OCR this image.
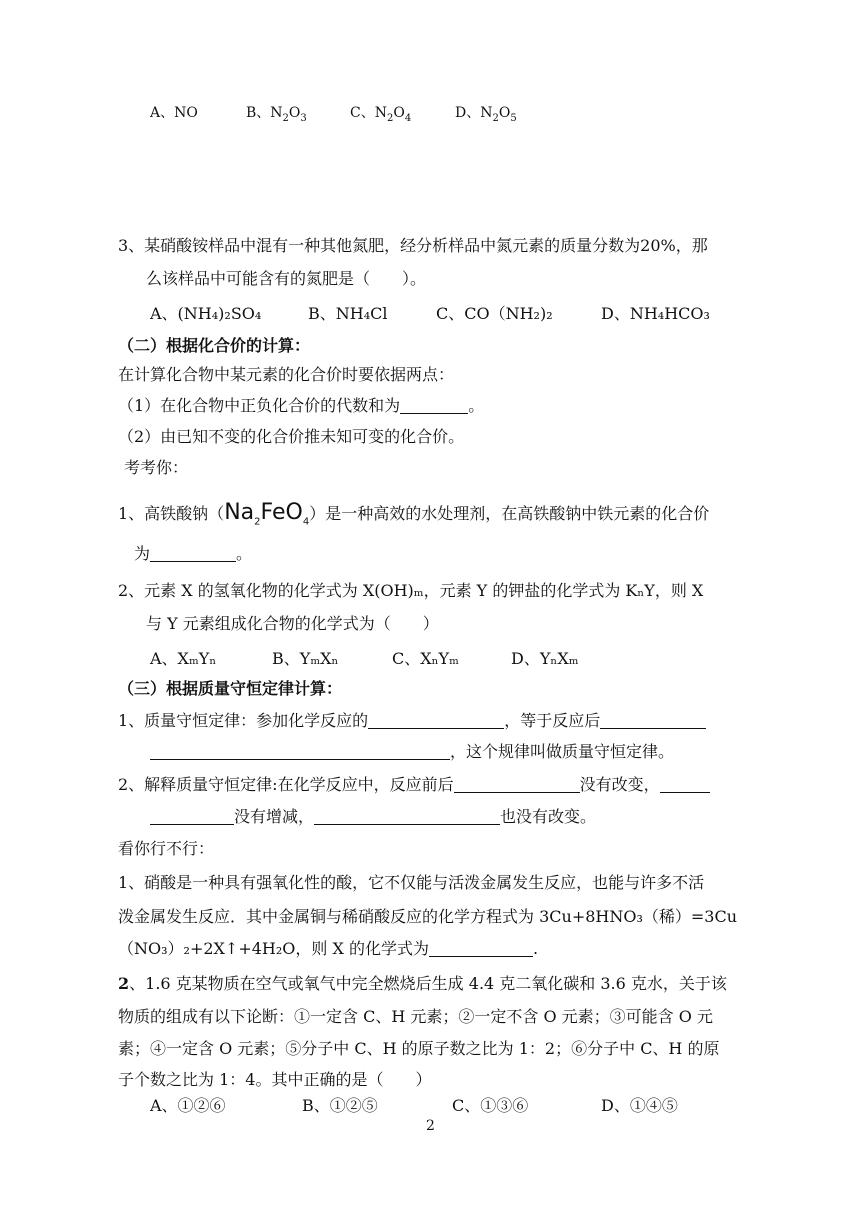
A、NO	B、$N_2O_3$	C、$N_2O_4$	D、$N_2O_5$
3、某硝酸铵样品中混有一种其他氮肥，经分析样品中氮元素的质量分数为20%，那
么该样品中可能含有的氮肥是（　　）。
A、(NH₄)₂SO₄	B、NH₄Cl	C、CO（NH₂)₂	D、NH₄HCO₃
（二）根据化合价的计算：
在计算化合物中某元素的化合价时要依据两点：
（1）在化合物中正负化合价的代数和为	。
（2）由已知不变的化合价推未知可变的化合价。
考考你：
1、高铁酸钠$(Na_2FeO_4)$是一种高效的水处理剂，在高铁酸钠中铁元素的化合价
为	。
2、元素 X 的氢氧化物的化学式为 X(OH)ₘ，元素 Y 的钾盐的化学式为 KₙY，则 X
与 Y 元素组成化合物的化学式为（　　）
A、XₘYₙ	B、YₘXₙ	C、XₙYₘ	D、YₙXₘ
（三）根据质量守恒定律计算：
1、质量守恒定律：参加化学反应的	，等于反应后
，这个规律叫做质量守恒定律。
2、解释质量守恒定律:在化学反应中，反应前后	没有改变，
没有增减，	也没有改变。
看你行不行：
1、硝酸是一种具有强氧化性的酸，它不仅能与活泼金属发生反应，也能与许多不活
泼金属发生反应．其中金属铜与稀硝酸反应的化学方程式为 3Cu+8HNO₃（稀）=3Cu
（NO₃）₂+2X↑+4H₂O，则 X 的化学式为	.
2、1.6 克某物质在空气或氧气中完全燃烧后生成 4.4 克二氧化碳和 3.6 克水，关于该
物质的组成有以下论断：①一定含 C、H 元素；②一定不含 O 元素；③可能含 O 元
素；④一定含 O 元素；⑤分子中 C、H 的原子数之比为 1：2；⑥分子中 C、H 的原
子个数之比为 1：4。其中正确的是（　　）
A、①②⑥	B、①②⑤	C、①③⑥	D、①④⑤
2
